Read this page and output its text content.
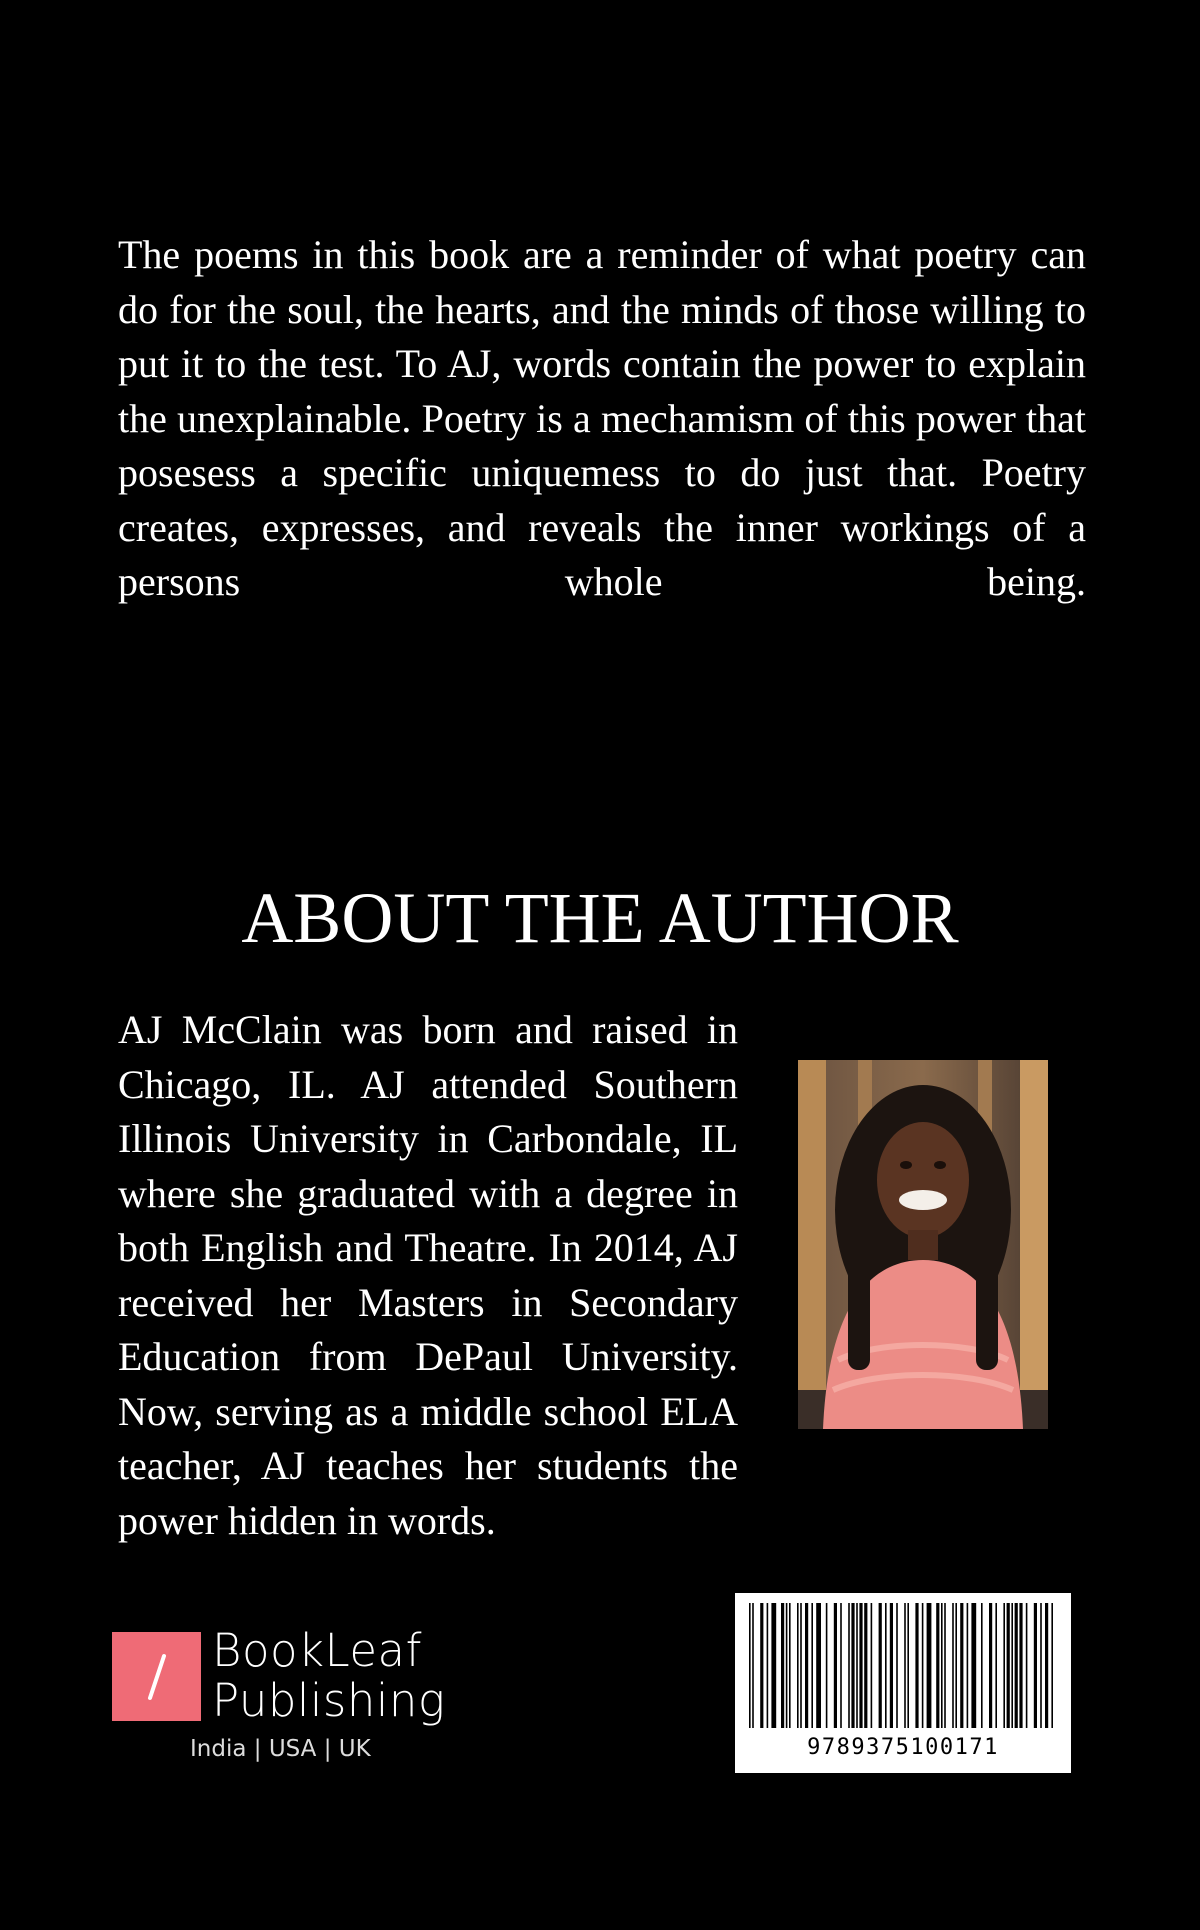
The poems in this book are a reminder of what poetry can do for the soul, the hearts, and the minds of those willing to put it to the test. To AJ, words contain the power to explain the unexplainable. Poetry is a mechamism of this power that posesess a specific uniquemess to do just that. Poetry creates, expresses, and reveals the inner workings of a persons whole being.

ABOUT THE AUTHOR

AJ McClain was born and raised in Chicago, IL. AJ attended Southern Illinois University in Carbondale, IL where she graduated with a degree in both English and Theatre. In 2014, AJ received her Masters in Secondary Education from DePaul University. Now, serving as a middle school ELA teacher, AJ teaches her students the power hidden in words.

BookLeaf
Publishing
India | USA | UK	9789375100171
